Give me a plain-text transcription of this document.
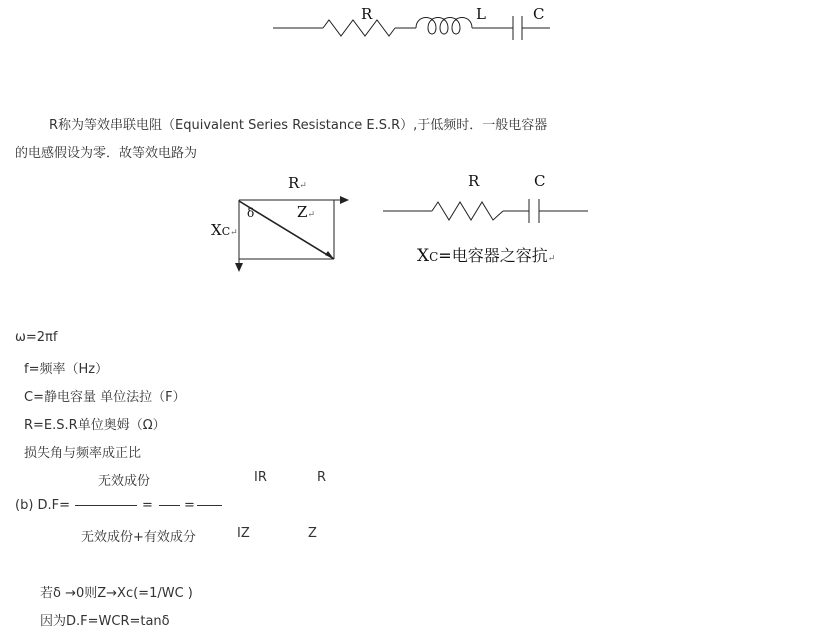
R	L	C
R称为等效串联电阻（Equivalent Series Resistance E.S.R）,于低频时．一般电容器
的电感假设为零．故等效电路为
R↵
δ	Z↵
XC↵
R	C
XC=电容器之容抗↵
ω=2πf
f=频率（Hz）
C=静电容量 单位法拉（F）
R=E.S.R单位奥姆（Ω）
损失角与频率成正比
无效成份	IR	R
(b) D.F=	= =
无效成份+有效成分	IZ	Z
若δ →0则Z→Xc(=1/WC )
因为D.F=WCR=tanδ
